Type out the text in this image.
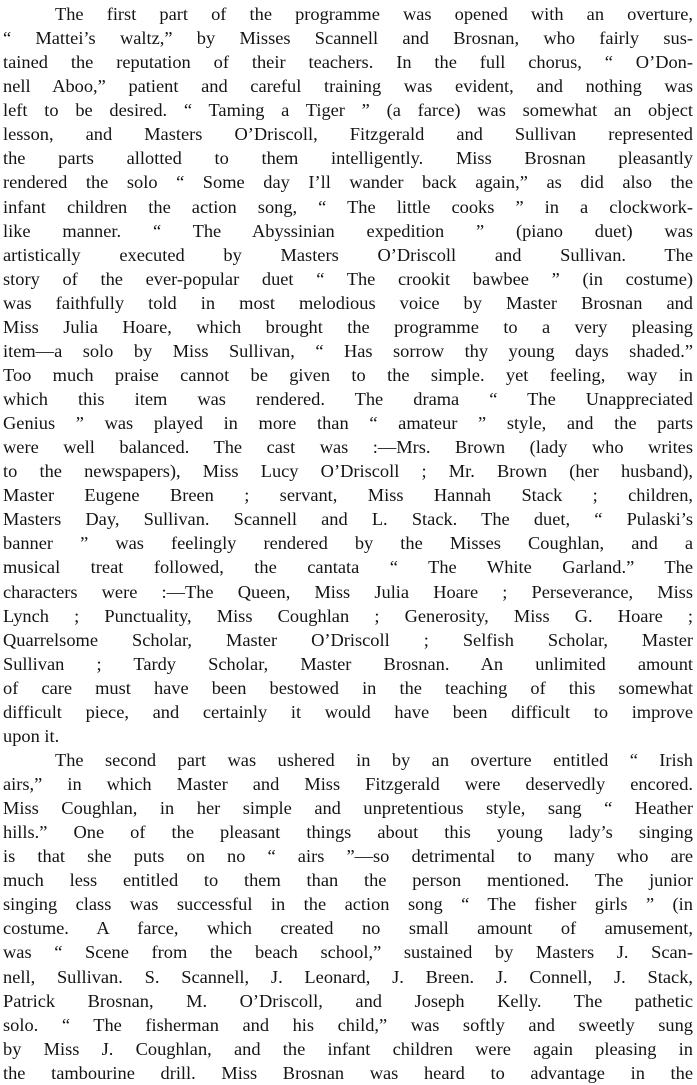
The first part of the programme was opened with an overture,
“ Mattei’s waltz,” by Misses Scannell and Brosnan, who fairly sus-
tained the reputation of their teachers. In the full chorus, “ O’Don-
nell Aboo,” patient and careful training was evident, and nothing was
left to be desired. “ Taming a Tiger ” (a farce) was somewhat an object
lesson, and Masters O’Driscoll, Fitzgerald and Sullivan represented
the parts allotted to them intelligently. Miss Brosnan pleasantly
rendered the solo “ Some day I’ll wander back again,” as did also the
infant children the action song, “ The little cooks ” in a clockwork-
like manner. “ The Abyssinian expedition ” (piano duet) was
artistically executed by Masters O’Driscoll and Sullivan. The
story of the ever-popular duet “ The crookit bawbee ” (in costume)
was faithfully told in most melodious voice by Master Brosnan and
Miss Julia Hoare, which brought the programme to a very pleasing
item—a solo by Miss Sullivan, “ Has sorrow thy young days shaded.”
Too much praise cannot be given to the simple. yet feeling, way in
which this item was rendered. The drama “ The Unappreciated
Genius ” was played in more than “ amateur ” style, and the parts
were well balanced. The cast was :—Mrs. Brown (lady who writes
to the newspapers), Miss Lucy O’Driscoll ; Mr. Brown (her husband),
Master Eugene Breen ; servant, Miss Hannah Stack ; children,
Masters Day, Sullivan. Scannell and L. Stack. The duet, “ Pulaski’s
banner ” was feelingly rendered by the Misses Coughlan, and a
musical treat followed, the cantata “ The White Garland.” The
characters were :—The Queen, Miss Julia Hoare ; Perseverance, Miss
Lynch ; Punctuality, Miss Coughlan ; Generosity, Miss G. Hoare ;
Quarrelsome Scholar, Master O’Driscoll ; Selfish Scholar, Master
Sullivan ; Tardy Scholar, Master Brosnan. An unlimited amount
of care must have been bestowed in the teaching of this somewhat
difficult piece, and certainly it would have been difficult to improve
upon it.
The second part was ushered in by an overture entitled “ Irish
airs,” in which Master and Miss Fitzgerald were deservedly encored.
Miss Coughlan, in her simple and unpretentious style, sang “ Heather
hills.” One of the pleasant things about this young lady’s singing
is that she puts on no “ airs ”—so detrimental to many who are
much less entitled to them than the person mentioned. The junior
singing class was successful in the action song “ The fisher girls ” (in
costume. A farce, which created no small amount of amusement,
was “ Scene from the beach school,” sustained by Masters J. Scan-
nell, Sullivan. S. Scannell, J. Leonard, J. Breen. J. Connell, J. Stack,
Patrick Brosnan, M. O’Driscoll, and Joseph Kelly. The pathetic
solo. “ The fisherman and his child,” was softly and sweetly sung
by Miss J. Coughlan, and the infant children were again pleasing in
the tambourine drill. Miss Brosnan was heard to advantage in the
